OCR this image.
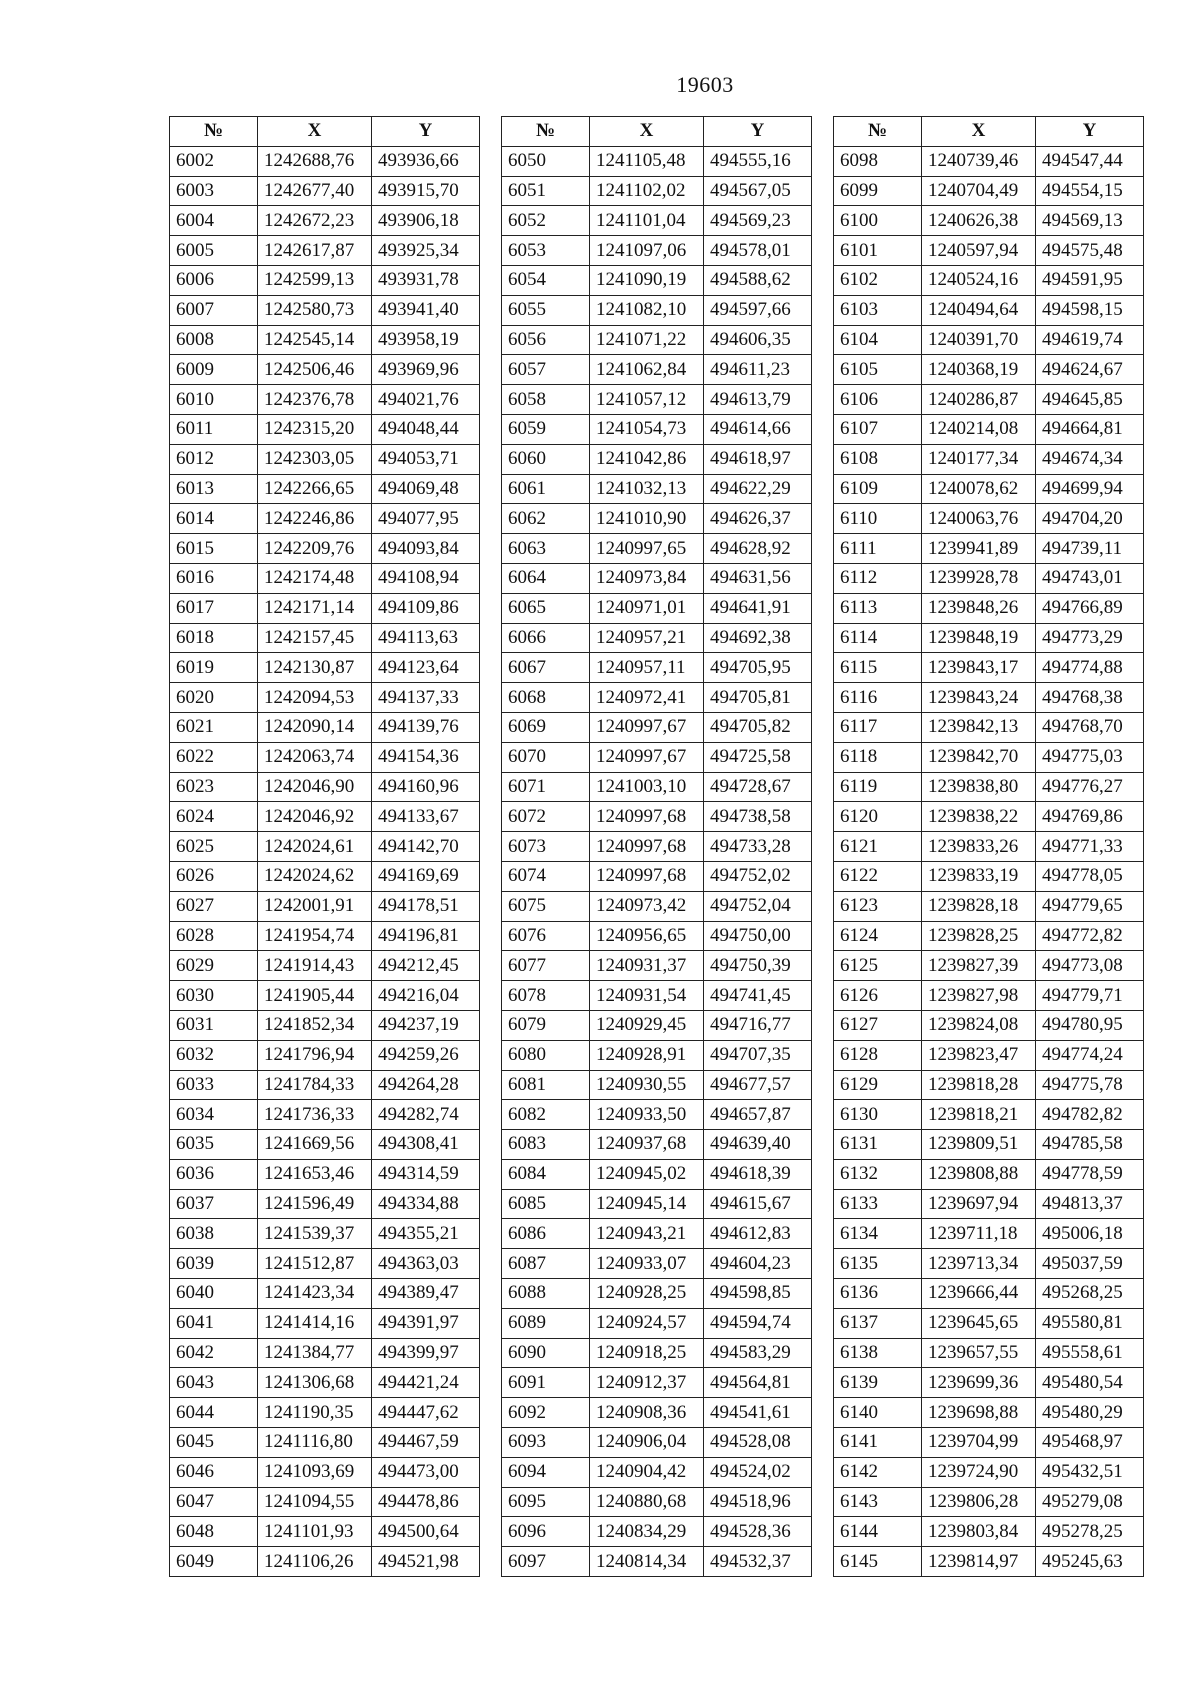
19603
№	X	Y
6002	1242688,76	493936,66
6003	1242677,40	493915,70
6004	1242672,23	493906,18
6005	1242617,87	493925,34
6006	1242599,13	493931,78
6007	1242580,73	493941,40
6008	1242545,14	493958,19
6009	1242506,46	493969,96
6010	1242376,78	494021,76
6011	1242315,20	494048,44
6012	1242303,05	494053,71
6013	1242266,65	494069,48
6014	1242246,86	494077,95
6015	1242209,76	494093,84
6016	1242174,48	494108,94
6017	1242171,14	494109,86
6018	1242157,45	494113,63
6019	1242130,87	494123,64
6020	1242094,53	494137,33
6021	1242090,14	494139,76
6022	1242063,74	494154,36
6023	1242046,90	494160,96
6024	1242046,92	494133,67
6025	1242024,61	494142,70
6026	1242024,62	494169,69
6027	1242001,91	494178,51
6028	1241954,74	494196,81
6029	1241914,43	494212,45
6030	1241905,44	494216,04
6031	1241852,34	494237,19
6032	1241796,94	494259,26
6033	1241784,33	494264,28
6034	1241736,33	494282,74
6035	1241669,56	494308,41
6036	1241653,46	494314,59
6037	1241596,49	494334,88
6038	1241539,37	494355,21
6039	1241512,87	494363,03
6040	1241423,34	494389,47
6041	1241414,16	494391,97
6042	1241384,77	494399,97
6043	1241306,68	494421,24
6044	1241190,35	494447,62
6045	1241116,80	494467,59
6046	1241093,69	494473,00
6047	1241094,55	494478,86
6048	1241101,93	494500,64
6049	1241106,26	494521,98
№	X	Y
6050	1241105,48	494555,16
6051	1241102,02	494567,05
6052	1241101,04	494569,23
6053	1241097,06	494578,01
6054	1241090,19	494588,62
6055	1241082,10	494597,66
6056	1241071,22	494606,35
6057	1241062,84	494611,23
6058	1241057,12	494613,79
6059	1241054,73	494614,66
6060	1241042,86	494618,97
6061	1241032,13	494622,29
6062	1241010,90	494626,37
6063	1240997,65	494628,92
6064	1240973,84	494631,56
6065	1240971,01	494641,91
6066	1240957,21	494692,38
6067	1240957,11	494705,95
6068	1240972,41	494705,81
6069	1240997,67	494705,82
6070	1240997,67	494725,58
6071	1241003,10	494728,67
6072	1240997,68	494738,58
6073	1240997,68	494733,28
6074	1240997,68	494752,02
6075	1240973,42	494752,04
6076	1240956,65	494750,00
6077	1240931,37	494750,39
6078	1240931,54	494741,45
6079	1240929,45	494716,77
6080	1240928,91	494707,35
6081	1240930,55	494677,57
6082	1240933,50	494657,87
6083	1240937,68	494639,40
6084	1240945,02	494618,39
6085	1240945,14	494615,67
6086	1240943,21	494612,83
6087	1240933,07	494604,23
6088	1240928,25	494598,85
6089	1240924,57	494594,74
6090	1240918,25	494583,29
6091	1240912,37	494564,81
6092	1240908,36	494541,61
6093	1240906,04	494528,08
6094	1240904,42	494524,02
6095	1240880,68	494518,96
6096	1240834,29	494528,36
6097	1240814,34	494532,37
№	X	Y
6098	1240739,46	494547,44
6099	1240704,49	494554,15
6100	1240626,38	494569,13
6101	1240597,94	494575,48
6102	1240524,16	494591,95
6103	1240494,64	494598,15
6104	1240391,70	494619,74
6105	1240368,19	494624,67
6106	1240286,87	494645,85
6107	1240214,08	494664,81
6108	1240177,34	494674,34
6109	1240078,62	494699,94
6110	1240063,76	494704,20
6111	1239941,89	494739,11
6112	1239928,78	494743,01
6113	1239848,26	494766,89
6114	1239848,19	494773,29
6115	1239843,17	494774,88
6116	1239843,24	494768,38
6117	1239842,13	494768,70
6118	1239842,70	494775,03
6119	1239838,80	494776,27
6120	1239838,22	494769,86
6121	1239833,26	494771,33
6122	1239833,19	494778,05
6123	1239828,18	494779,65
6124	1239828,25	494772,82
6125	1239827,39	494773,08
6126	1239827,98	494779,71
6127	1239824,08	494780,95
6128	1239823,47	494774,24
6129	1239818,28	494775,78
6130	1239818,21	494782,82
6131	1239809,51	494785,58
6132	1239808,88	494778,59
6133	1239697,94	494813,37
6134	1239711,18	495006,18
6135	1239713,34	495037,59
6136	1239666,44	495268,25
6137	1239645,65	495580,81
6138	1239657,55	495558,61
6139	1239699,36	495480,54
6140	1239698,88	495480,29
6141	1239704,99	495468,97
6142	1239724,90	495432,51
6143	1239806,28	495279,08
6144	1239803,84	495278,25
6145	1239814,97	495245,63
